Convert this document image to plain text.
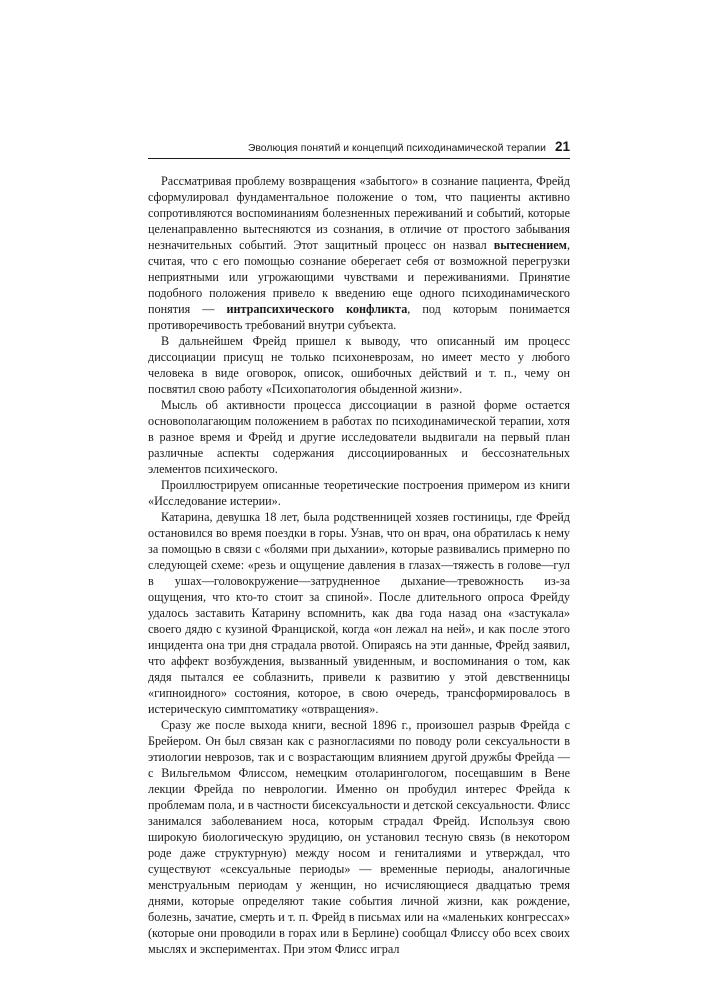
Эволюция понятий и концепций психодинамической терапии 21

Рассматривая проблему возвращения «забытого» в сознание пациента, Фрейд сформулировал фундаментальное положение о том, что пациенты активно сопротивляются воспоминаниям болезненных переживаний и событий, которые целенаправленно вытесняются из сознания, в отличие от простого забывания незначительных событий. Этот защитный процесс он назвал вытеснением, считая, что с его помощью сознание оберегает себя от возможной перегрузки неприятными или угрожающими чувствами и переживаниями. Принятие подобного положения привело к введению еще одного психодинамического понятия — интрапсихического конфликта, под которым понимается противоречивость требований внутри субъекта.

В дальнейшем Фрейд пришел к выводу, что описанный им процесс диссоциации присущ не только психоневрозам, но имеет место у любого человека в виде оговорок, описок, ошибочных действий и т. п., чему он посвятил свою работу «Психопатология обыденной жизни».

Мысль об активности процесса диссоциации в разной форме остается основополагающим положением в работах по психодинамической терапии, хотя в разное время и Фрейд и другие исследователи выдвигали на первый план различные аспекты содержания диссоциированных и бессознательных элементов психического.

Проиллюстрируем описанные теоретические построения примером из книги «Исследование истерии».

Катарина, девушка 18 лет, была родственницей хозяев гостиницы, где Фрейд остановился во время поездки в горы. Узнав, что он врач, она обратилась к нему за помощью в связи с «болями при дыхании», которые развивались примерно по следующей схеме: «резь и ощущение давления в глазах—тяжесть в голове—гул в ушах—головокружение—затрудненное дыхание—тревожность из-за ощущения, что кто-то стоит за спиной». После длительного опроса Фрейду удалось заставить Катарину вспомнить, как два года назад она «застукала» своего дядю с кузиной Франциской, когда «он лежал на ней», и как после этого инцидента она три дня страдала рвотой. Опираясь на эти данные, Фрейд заявил, что аффект возбуждения, вызванный увиденным, и воспоминания о том, как дядя пытался ее соблазнить, привели к развитию у этой девственницы «гипноидного» состояния, которое, в свою очередь, трансформировалось в истерическую симптоматику «отвращения».

Сразу же после выхода книги, весной 1896 г., произошел разрыв Фрейда с Брейером. Он был связан как с разногласиями по поводу роли сексуальности в этиологии неврозов, так и с возрастающим влиянием другой дружбы Фрейда — с Вильгельмом Флиссом, немецким отоларингологом, посещавшим в Вене лекции Фрейда по неврологии. Именно он пробудил интерес Фрейда к проблемам пола, и в частности бисексуальности и детской сексуальности. Флисс занимался заболеванием носа, которым страдал Фрейд. Используя свою широкую биологическую эрудицию, он установил тесную связь (в некотором роде даже структурную) между носом и гениталиями и утверждал, что существуют «сексуальные периоды» — временные периоды, аналогичные менструальным периодам у женщин, но исчисляющиеся двадцатью тремя днями, которые определяют такие события личной жизни, как рождение, болезнь, зачатие, смерть и т. п. Фрейд в письмах или на «маленьких конгрессах» (которые они проводили в горах или в Берлине) сообщал Флиссу обо всех своих мыслях и экспериментах. При этом Флисс играл
